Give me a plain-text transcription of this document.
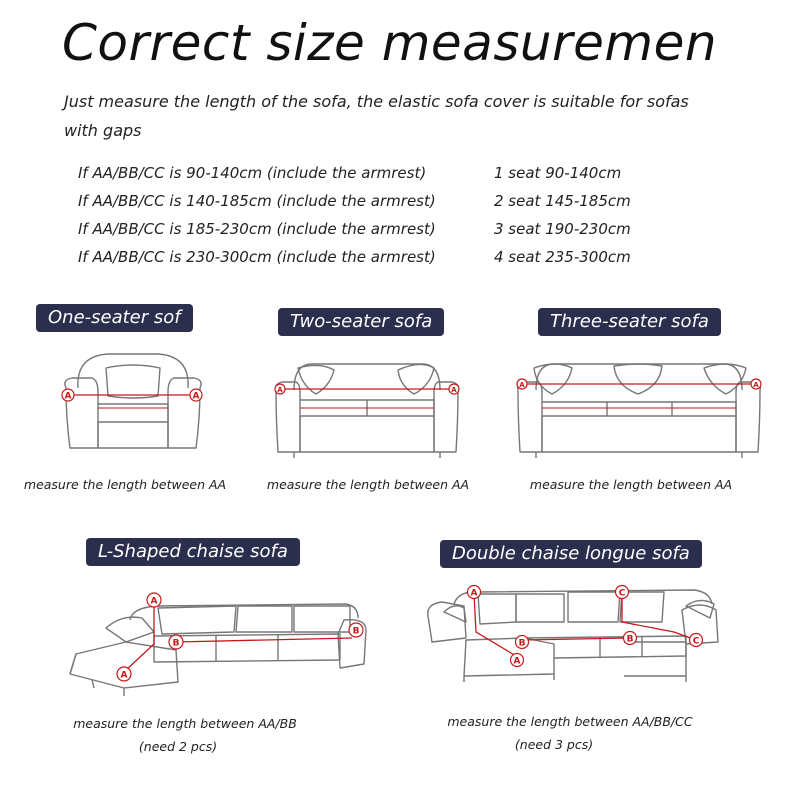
Correct size measuremen
Just measure the length of the sofa, the elastic sofa cover is suitable for sofas
with gaps
If AA/BB/CC is 90-140cm (include the armrest)	1 seat 90-140cm
If AA/BB/CC is 140-185cm (include the armrest)	2 seat 145-185cm
If AA/BB/CC is 185-230cm (include the armrest)	3 seat 190-230cm
If AA/BB/CC is 230-300cm (include the armrest)	4 seat 235-300cm
One-seater sof	Two-seater sofa	Three-seater sofa
L-Shaped chaise sofa	Double chaise longue sofa
A	A
measure the length between AA
A	A
measure the length between AA
A	A
measure the length between AA
A
A
B
B
measure the length between AA/BB
(need 2 pcs)
A
A
B	B
C
C
measure the length between AA/BB/CC
(need 3 pcs)
